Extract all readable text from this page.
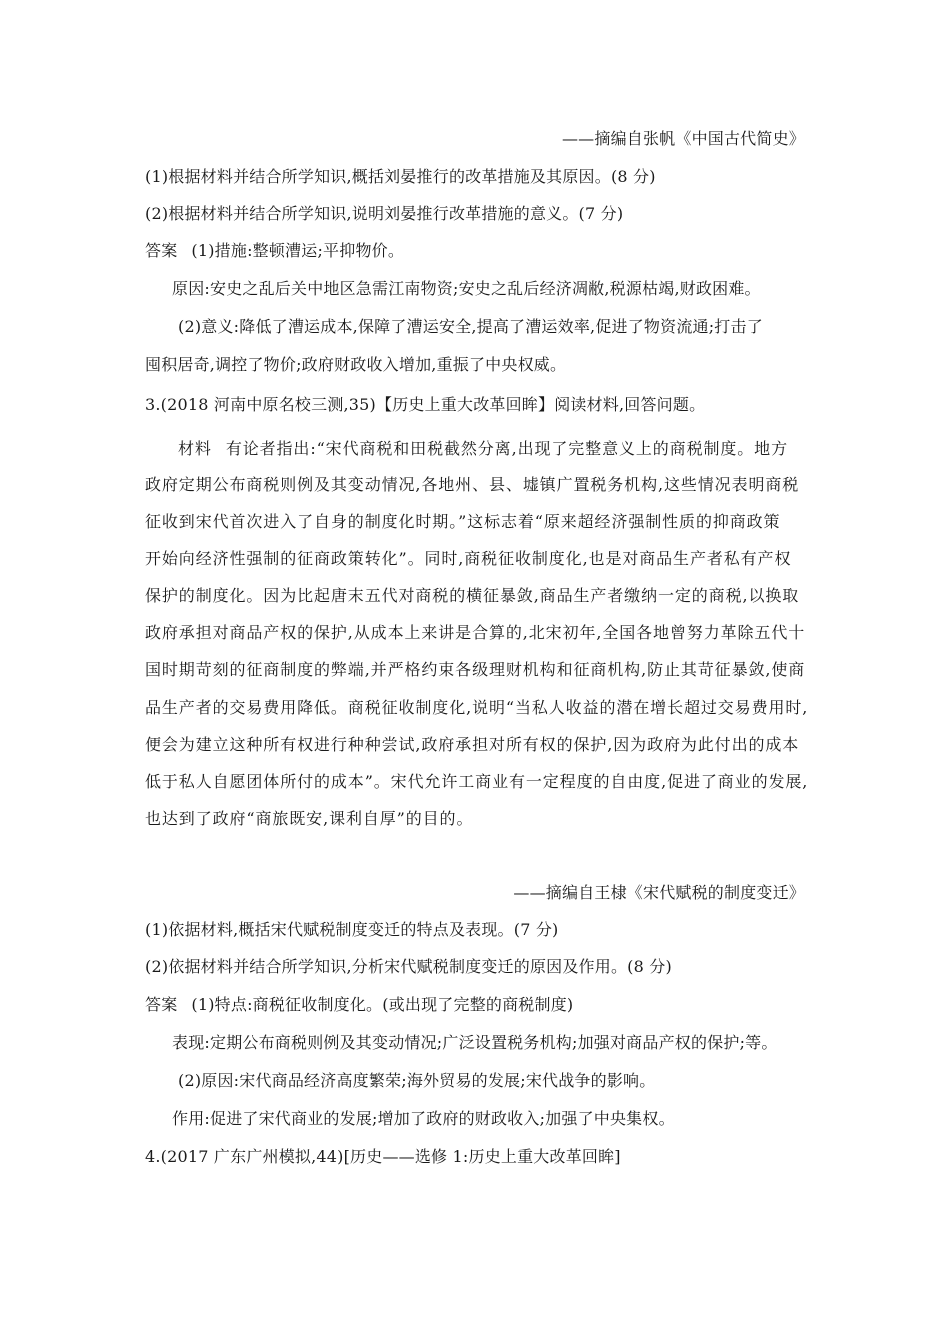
——摘编自张帆《中国古代简史》
(1)根据材料并结合所学知识,概括刘晏推行的改革措施及其原因。(8 分)
(2)根据材料并结合所学知识,说明刘晏推行改革措施的意义。(7 分)
答案 (1)措施:整顿漕运;平抑物价。
原因:安史之乱后关中地区急需江南物资;安史之乱后经济凋敝,税源枯竭,财政困难。
(2)意义:降低了漕运成本,保障了漕运安全,提高了漕运效率,促进了物资流通;打击了
囤积居奇,调控了物价;政府财政收入增加,重振了中央权威。
3.(2018 河南中原名校三测,35)【历史上重大改革回眸】阅读材料,回答问题。
材料 有论者指出:“宋代商税和田税截然分离,出现了完整意义上的商税制度。地方
政府定期公布商税则例及其变动情况,各地州、县、墟镇广置税务机构,这些情况表明商税
征收到宋代首次进入了自身的制度化时期。”这标志着“原来超经济强制性质的抑商政策
开始向经济性强制的征商政策转化”。同时,商税征收制度化,也是对商品生产者私有产权
保护的制度化。因为比起唐末五代对商税的横征暴敛,商品生产者缴纳一定的商税,以换取
政府承担对商品产权的保护,从成本上来讲是合算的,北宋初年,全国各地曾努力革除五代十
国时期苛刻的征商制度的弊端,并严格约束各级理财机构和征商机构,防止其苛征暴敛,使商
品生产者的交易费用降低。商税征收制度化,说明“当私人收益的潜在增长超过交易费用时,
便会为建立这种所有权进行种种尝试,政府承担对所有权的保护,因为政府为此付出的成本
低于私人自愿团体所付的成本”。宋代允许工商业有一定程度的自由度,促进了商业的发展,
也达到了政府“商旅既安,课利自厚”的目的。
——摘编自王棣《宋代赋税的制度变迁》
(1)依据材料,概括宋代赋税制度变迁的特点及表现。(7 分)
(2)依据材料并结合所学知识,分析宋代赋税制度变迁的原因及作用。(8 分)
答案 (1)特点:商税征收制度化。(或出现了完整的商税制度)
表现:定期公布商税则例及其变动情况;广泛设置税务机构;加强对商品产权的保护;等。
(2)原因:宋代商品经济高度繁荣;海外贸易的发展;宋代战争的影响。
作用:促进了宋代商业的发展;增加了政府的财政收入;加强了中央集权。
4.(2017 广东广州模拟,44)[历史——选修 1:历史上重大改革回眸]
